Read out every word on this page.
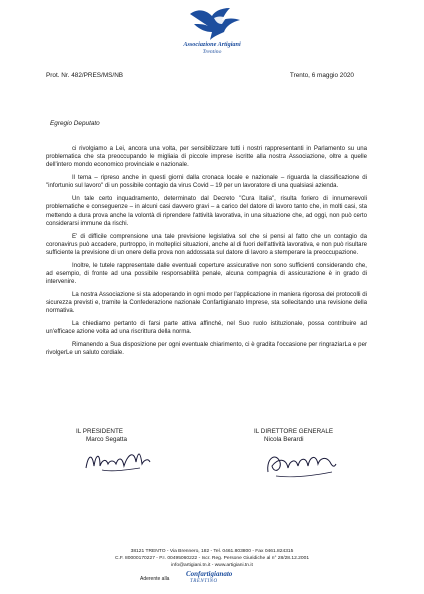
Associazione Artigiani
Trentino
Prot. Nr. 482/PRES/MS/NB	Trento, 6 maggio 2020
Egregio Deputato

ci rivolgiamo a Lei, ancora una volta, per sensibilizzare tutti i nostri rappresentanti in Parlamento su una problematica che sta preoccupando le migliaia di piccole imprese iscritte alla nostra Associazione, oltre a quelle dell'intero mondo economico provinciale e nazionale.

Il tema – ripreso anche in questi giorni dalla cronaca locale e nazionale – riguarda la classificazione di "infortunio sul lavoro" di un possibile contagio da virus Covid – 19 per un lavoratore di una qualsiasi azienda.

Un tale certo inquadramento, determinato dal Decreto "Cura Italia", risulta foriero di innumerevoli problematiche e conseguenze – in alcuni casi davvero gravi – a carico del datore di lavoro tanto che, in molti casi, sta mettendo a dura prova anche la volontà di riprendere l'attività lavorativa, in una situazione che, ad oggi, non può certo considerarsi immune da rischi.

E' di difficile comprensione una tale previsione legislativa sol che si pensi al fatto che un contagio da coronavirus può accadere, purtroppo, in molteplici situazioni, anche al di fuori dell'attività lavorativa, e non può risultare sufficiente la previsione di un onere della prova non addossata sul datore di lavoro a stemperare la preoccupazione.

Inoltre, le tutele rappresentate dalle eventuali coperture assicurative non sono sufficienti considerando che, ad esempio, di fronte ad una possibile responsabilità penale, alcuna compagnia di assicurazione è in grado di intervenire.

La nostra Associazione si sta adoperando in ogni modo per l'applicazione in maniera rigorosa dei protocolli di sicurezza previsti e, tramite la Confederazione nazionale Confartigianato Imprese, sta sollecitando una revisione della normativa.

La chiediamo pertanto di farsi parte attiva affinché, nel Suo ruolo istituzionale, possa contribuire ad un'efficace azione volta ad una riscrittura della norma.

Rimanendo a Sua disposizione per ogni eventuale chiarimento, ci è gradita l'occasione per ringraziarLa e per rivolgerLe un saluto cordiale.

IL PRESIDENTE
Marco Segatta
IL DIRETTORE GENERALE
Nicola Berardi
38121 TRENTO - Via Brennero, 182 - Tel. 0461.803800 - Fax 0461.824315
C.F. 80000170227 - P.I. 00495060222 - Iscr. Reg. Persone Giuridiche al n° 28/28.12.2001
info@artigiani.tn.it - www.artigiani.tn.it
Aderente alla
Confartigianato
TRENTINO
